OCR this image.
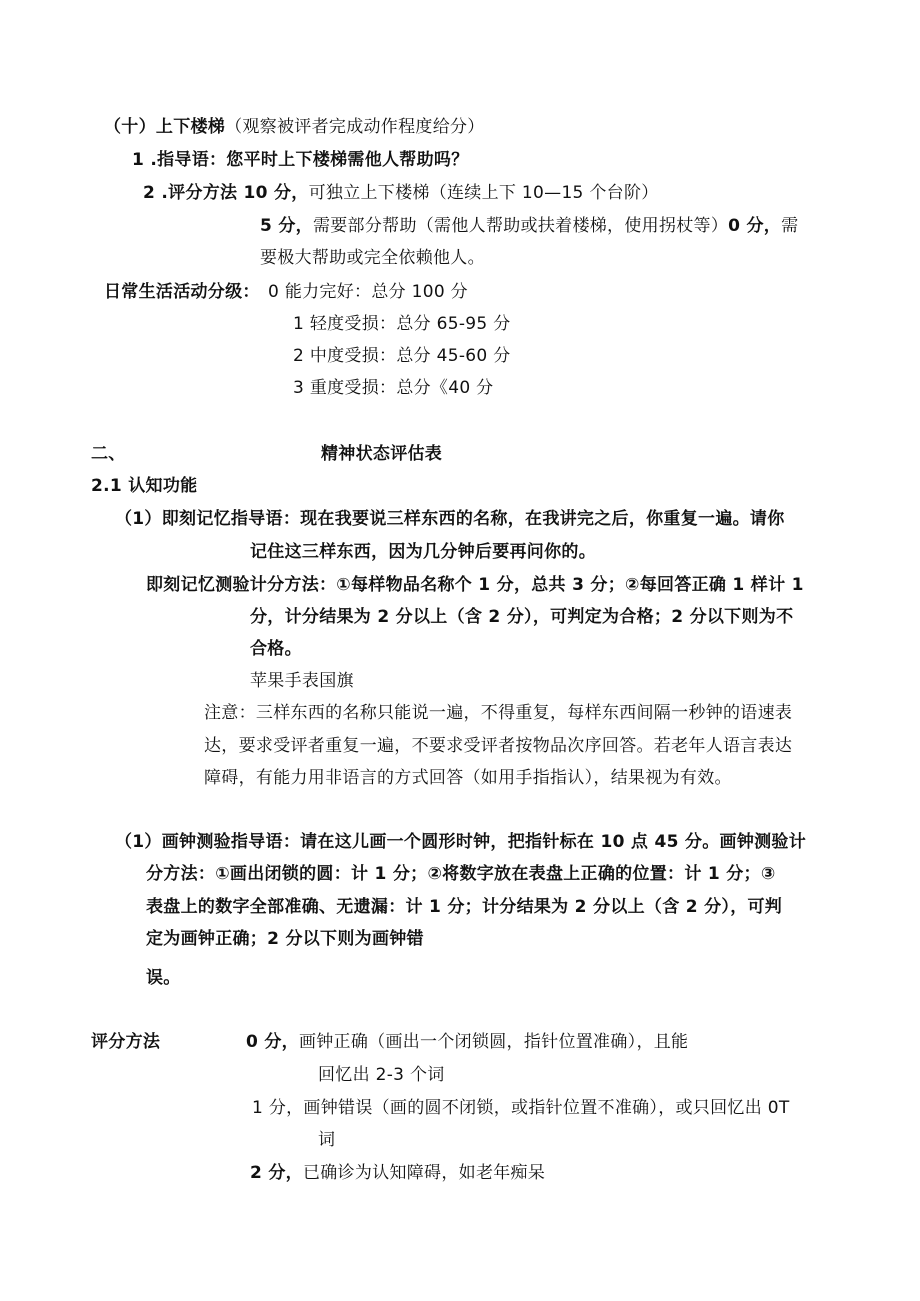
（十）上下楼梯（观察被评者完成动作程度给分）
1 .指导语：您平时上下楼梯需他人帮助吗？
2 .评分方法 10 分，可独立上下楼梯（连续上下 10—15 个台阶）
5 分，需要部分帮助（需他人帮助或扶着楼梯，使用拐杖等）0 分，需
要极大帮助或完全依赖他人。
日常生活活动分级： 0 能力完好：总分 100 分
1 轻度受损：总分 65-95 分
2 中度受损：总分 45-60 分
3 重度受损：总分《40 分
二、	精神状态评估表
2.1 认知功能
（1）即刻记忆指导语：现在我要说三样东西的名称，在我讲完之后，你重复一遍。请你
记住这三样东西，因为几分钟后要再问你的。
即刻记忆测验计分方法：①每样物品名称个 1 分，总共 3 分；②每回答正确 1 样计 1
分，计分结果为 2 分以上（含 2 分），可判定为合格；2 分以下则为不
合格。
苹果手表国旗
注意：三样东西的名称只能说一遍，不得重复，每样东西间隔一秒钟的语速表
达，要求受评者重复一遍，不要求受评者按物品次序回答。若老年人语言表达
障碍，有能力用非语言的方式回答（如用手指指认），结果视为有效。
（1）画钟测验指导语：请在这儿画一个圆形时钟，把指针标在 10 点 45 分。画钟测验计
分方法：①画出闭锁的圆：计 1 分；②将数字放在表盘上正确的位置：计 1 分；③
表盘上的数字全部准确、无遗漏：计 1 分；计分结果为 2 分以上（含 2 分），可判
定为画钟正确；2 分以下则为画钟错
误。
评分方法	0 分，画钟正确（画出一个闭锁圆，指针位置准确），且能
回忆出 2-3 个词
1 分，画钟错误（画的圆不闭锁，或指针位置不准确），或只回忆出 0T
词
2 分，已确诊为认知障碍，如老年痴呆
